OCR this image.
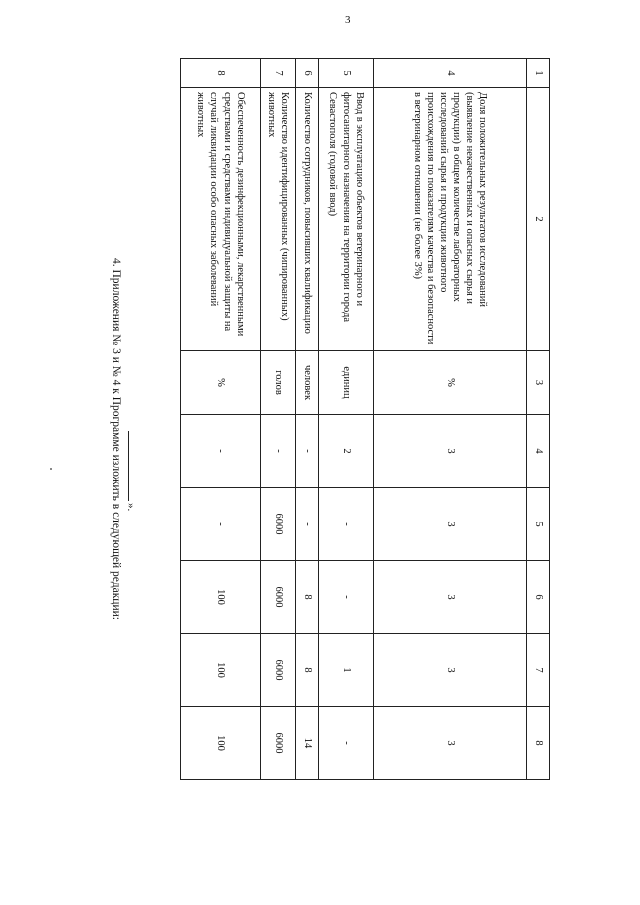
3
1	2	3	4	5	6	7	8
4	Доля положительных результатов исследований (выявление некачественных и опасных сырья и продукции) в общем количестве лабораторных исследований сырья и продукции животного происхождения по показателям качества и безопасности в ветеринарном отношении (не более 3%)	%	3	3	3	3	3
5	Ввод в эксплуатацию объектов ветеринарного и фитосанитарного назначения на территории города Севастополя (годовой ввод)	единиц	2	-	-	1	-
6	Количество сотрудников, повысивших квалификацию	человек	-	-	8	8	14
7	Количество идентифицированных (чипированных) животных	голов	-	6000	6000	6000	6000
8	Обеспеченность дезинфекционными, лекарственными средствами и средствами индивидуальной защиты на случай ликвидации особо опасных заболеваний животных	%	-	-	100	100	100
».
4. Приложения № 3 и № 4 к Программе изложить в следующей редакции:
